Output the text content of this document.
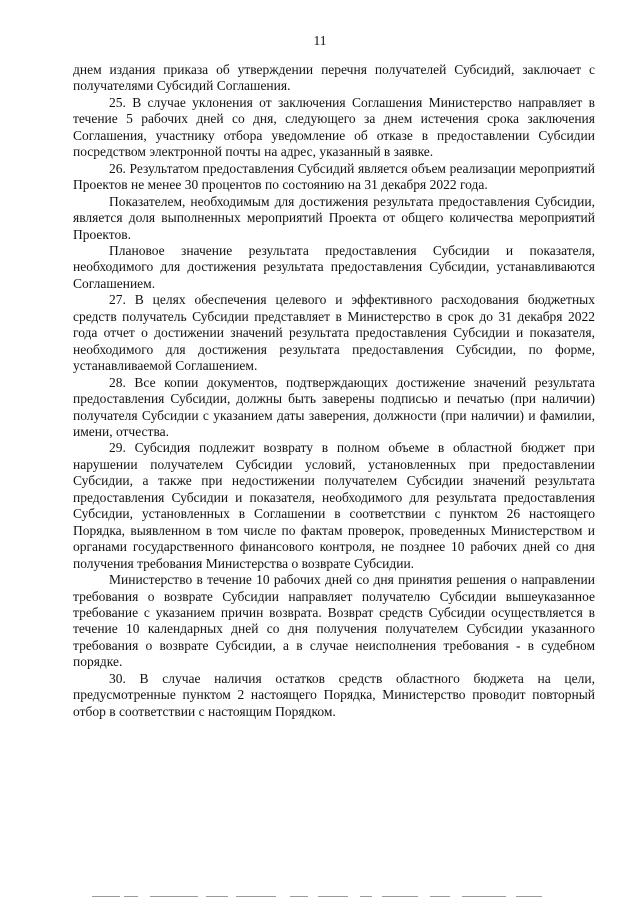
11

днем издания приказа об утверждении перечня получателей Субсидий, заключает с получателями Субсидий Соглашения.

25. В случае уклонения от заключения Соглашения Министерство направляет в течение 5 рабочих дней со дня, следующего за днем истечения срока заключения Соглашения, участнику отбора уведомление об отказе в предоставлении Субсидии посредством электронной почты на адрес, указанный в заявке.

26. Результатом предоставления Субсидий является объем реализации мероприятий Проектов не менее 30 процентов по состоянию на 31 декабря 2022 года.

Показателем, необходимым для достижения результата предоставления Субсидии, является доля выполненных мероприятий Проекта от общего количества мероприятий Проектов.

Плановое значение результата предоставления Субсидии и показателя, необходимого для достижения результата предоставления Субсидии, устанавливаются Соглашением.

27. В целях обеспечения целевого и эффективного расходования бюджетных средств получатель Субсидии представляет в Министерство в срок до 31 декабря 2022 года отчет о достижении значений результата предоставления Субсидии и показателя, необходимого для достижения результата предоставления Субсидии, по форме, устанавливаемой Соглашением.

28. Все копии документов, подтверждающих достижение значений результата предоставления Субсидии, должны быть заверены подписью и печатью (при наличии) получателя Субсидии с указанием даты заверения, должности (при наличии) и фамилии, имени, отчества.

29. Субсидия подлежит возврату в полном объеме в областной бюджет при нарушении получателем Субсидии условий, установленных при предоставлении Субсидии, а также при недостижении получателем Субсидии значений результата предоставления Субсидии и показателя, необходимого для результата предоставления Субсидии, установленных в Соглашении в соответствии с пунктом 26 настоящего Порядка, выявленном в том числе по фактам проверок, проведенных Министерством и органами государственного финансового контроля, не позднее 10 рабочих дней со дня получения требования Министерства о возврате Субсидии.

Министерство в течение 10 рабочих дней со дня принятия решения о направлении требования о возврате Субсидии направляет получателю Субсидии вышеуказанное требование с указанием причин возврата. Возврат средств Субсидии осуществляется в течение 10 календарных дней со дня получения получателем Субсидии указанного требования о возврате Субсидии, а в случае неисполнения требования - в судебном порядке.

30. В случае наличия остатков средств областного бюджета на цели, предусмотренные пунктом 2 настоящего Порядка, Министерство проводит повторный отбор в соответствии с настоящим Порядком.
